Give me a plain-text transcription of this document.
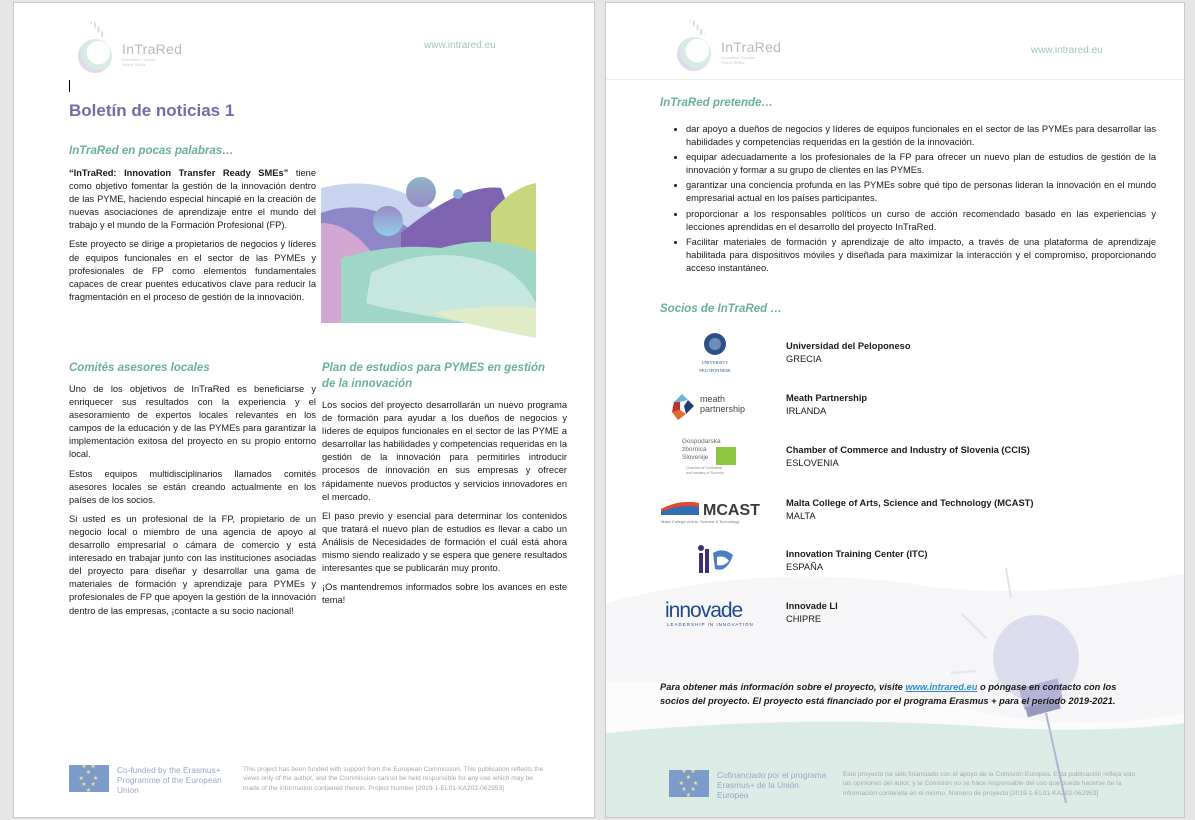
InTraRed
Innovation Transfer Ready SMEs
www.intrared.eu
Boletín de noticias 1
InTraRed en pocas palabras…

“InTraRed: Innovation Transfer Ready SMEs” tiene como objetivo fomentar la gestión de la innovación dentro de las PYME, haciendo especial hincapié en la creación de nuevas asociaciones de aprendizaje entre el mundo del trabajo y el mundo de la Formación Profesional (FP).

Este proyecto se dirige a propietarios de negocios y líderes de equipos funcionales en el sector de las PYMEs y profesionales de FP como elementos fundamentales capaces de crear puentes educativos clave para reducir la fragmentación en el proceso de gestión de la innovación.

Comités asesores locales

Uno de los objetivos de InTraRed es beneficiarse y enriquecer sus resultados con la experiencia y el asesoramiento de expertos locales relevantes en los campos de la educación y de las PYMEs para garantizar la implementación exitosa del proyecto en su propio entorno local.

Estos equipos multidisciplinarios llamados comités asesores locales se están creando actualmente en los países de los socios.

Si usted es un profesional de la FP, propietario de un negocio local o miembro de una agencia de apoyo al desarrollo empresarial o cámara de comercio y está interesado en trabajar junto con las instituciones asociadas del proyecto para diseñar y desarrollar una gama de materiales de formación y aprendizaje para PYMEs y profesionales de FP que apoyen la gestión de la innovación dentro de las empresas, ¡contacte a su socio nacional!

Plan de estudios para PYMES en gestión de la innovación

Los socios del proyecto desarrollarán un nuevo programa de formación para ayudar a los dueños de negocios y líderes de equipos funcionales en el sector de las PYME a desarrollar las habilidades y competencias requeridas en la gestión de la innovación para permitirles introducir procesos de innovación en sus empresas y ofrecer rápidamente nuevos productos y servicios innovadores en el mercado.

El paso previo y esencial para determinar los contenidos que tratará el nuevo plan de estudios es llevar a cabo un Análisis de Necesidades de formación el cuál está ahora mismo siendo realizado y se espera que genere resultados interesantes que se publicarán muy pronto.

¡Os mantendremos informados sobre los avances en este tema!

★ ★ ★
★   ★
★ ★ ★
Co-funded by the Erasmus+ Programme of the European Union
This project has been funded with support from the European Commission. This publication reflects the views only of the author, and the Commission cannot be held responsible for any use which may be made of the information contained therein. Project Number [2019-1-EL01-KA202-062953]
InTraRed
Innovation Transfer Ready SMEs
www.intrared.eu
InTraRed pretende…
• dar apoyo a dueños de negocios y líderes de equipos funcionales en el sector de las PYMEs para desarrollar las habilidades y competencias requeridas en la gestión de la innovación.
• equipar adecuadamente a los profesionales de la FP para ofrecer un nuevo plan de estudios de gestión de la innovación y formar a su grupo de clientes en las PYMEs.
• garantizar una conciencia profunda en las PYMEs sobre qué tipo de personas lideran la innovación en el mundo empresarial actual en los países participantes.
• proporcionar a los responsables políticos un curso de acción recomendado basado en las experiencias y lecciones aprendidas en el desarrollo del proyecto InTraRed.
• Facilitar materiales de formación y aprendizaje de alto impacto, a través de una plataforma de aprendizaje habilitada para dispositivos móviles y diseñada para maximizar la interacción y el compromiso, proporcionando acceso instantáneo.
Socios de InTraRed …
UNIVERSITY
PELOPONNESE
Universidad del Peloponeso
GRECIA
meath
partnership
Meath Partnership
IRLANDA
Gospodarska
zbornica
Slovenije
Chamber of Commerce
and Industry of Slovenia
Chamber of Commerce and Industry of Slovenia (CCIS)
ESLOVENIA
MCAST
Malta College of Arts, Science & Technology
Malta College of Arts, Science and Technology (MCAST)
MALTA
Innovation Training Center (ITC)
ESPAÑA
innovade
LEADERSHIP IN INNOVATION
Innovade LI
CHIPRE
Para obtener más información sobre el proyecto, visite www.intrared.eu o póngase en contacto con los socios del proyecto. El proyecto está financiado por el programa Erasmus + para el período 2019-2021.
★ ★ ★
★   ★
★ ★ ★
Cofinanciado por el programa Erasmus+ de la Unión Europea
Este proyecto ha sido financiado con el apoyo de la Comisión Europea. Esta publicación refleja solo las opiniones del autor, y la Comisión no se hace responsable del uso que pueda hacerse de la información contenida en el mismo. Número de proyecto [2019-1-EL01-KA202-062953]
